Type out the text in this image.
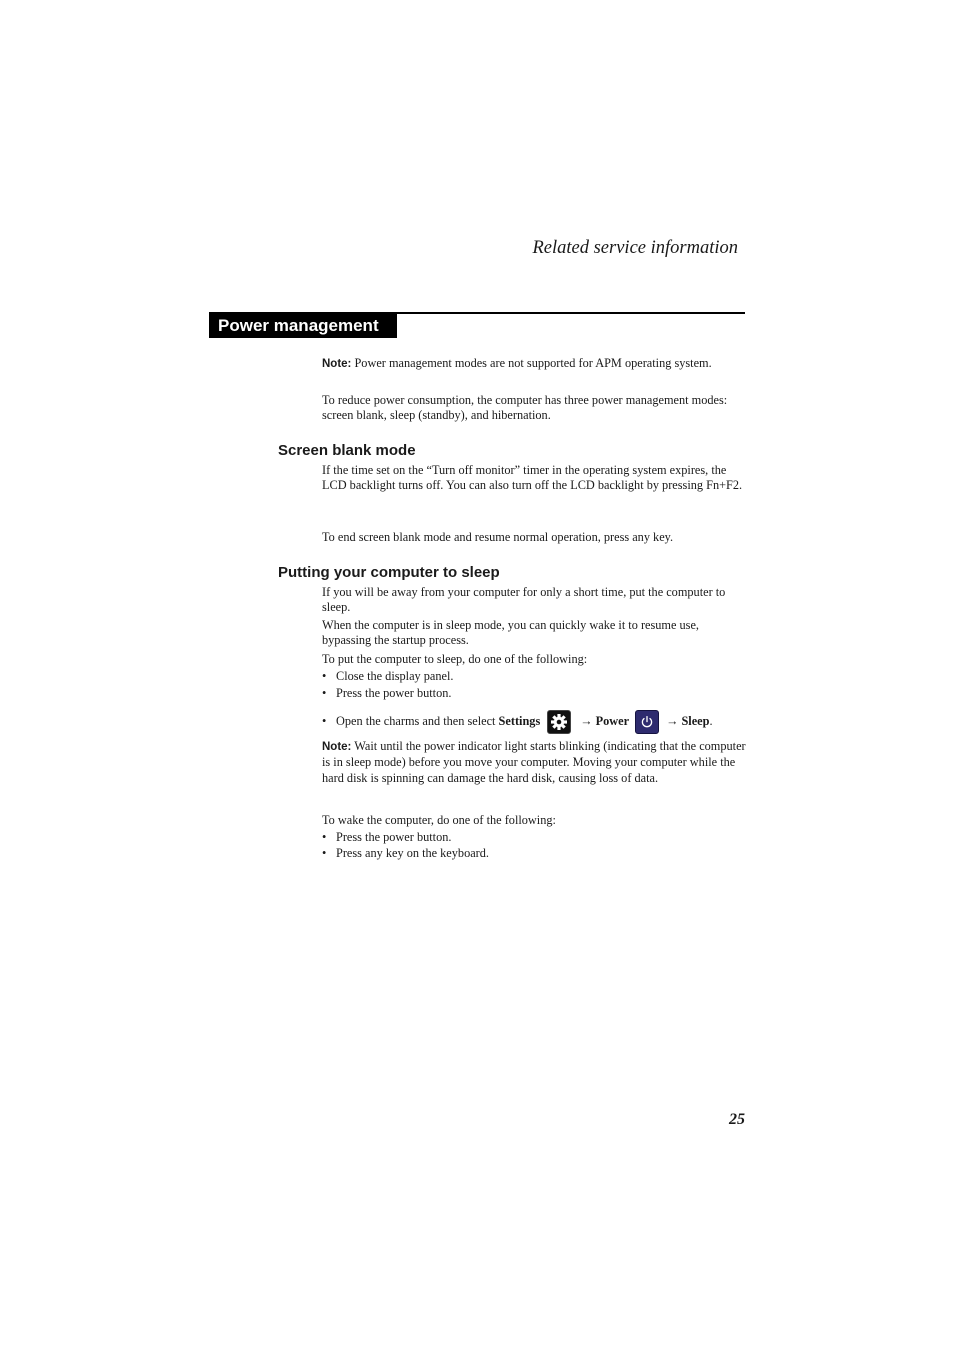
Related service information
Power management

Note: Power management modes are not supported for APM operating system.

To reduce power consumption, the computer has three power management modes: screen blank, sleep (standby), and hibernation.

Screen blank mode

If the time set on the “Turn off monitor” timer in the operating system expires, the LCD backlight turns off. You can also turn off the LCD backlight by pressing Fn+F2.

To end screen blank mode and resume normal operation, press any key.

Putting your computer to sleep

If you will be away from your computer for only a short time, put the computer to sleep.

When the computer is in sleep mode, you can quickly wake it to resume use, bypassing the startup process.

To put the computer to sleep, do one of the following:

• Close the display panel.
• Press the power button.
• Open the charms and then select Settings	→ Power	→ Sleep .

Note: Wait until the power indicator light starts blinking (indicating that the computer is in sleep mode) before you move your computer. Moving your computer while the hard disk is spinning can damage the hard disk, causing loss of data.

To wake the computer, do one of the following:

• Press the power button.
• Press any key on the keyboard.
25
